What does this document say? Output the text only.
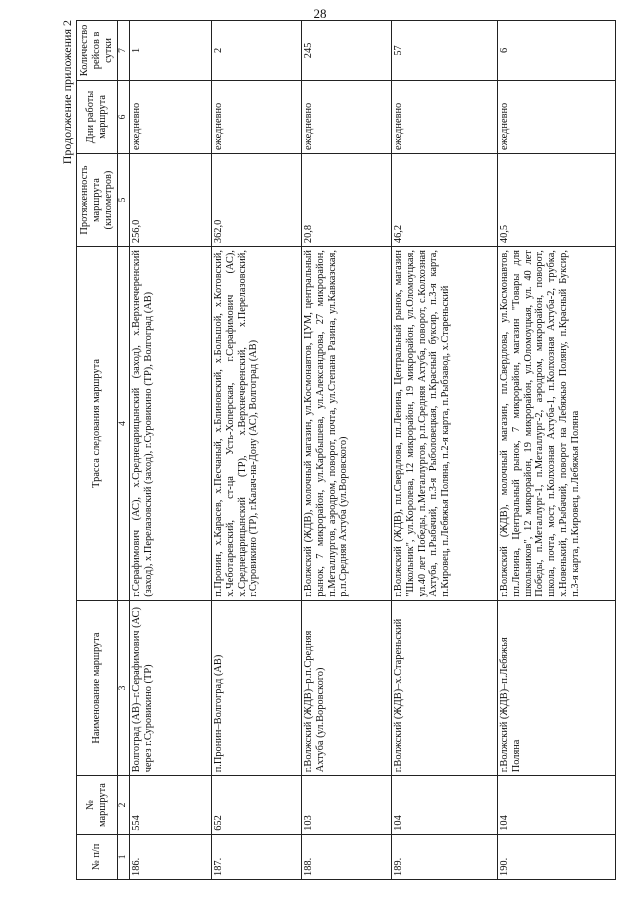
28
Продолжение приложения 2
№ п/п	№ маршрута	Наименование маршрута	Трасса следования маршрута	Протяженность маршрута (километров)	Дни работы маршрута	Количество рейсов в сутки
1	2	3	4	5	6	7
186.	554	Волгоград (АВ)–г.Серафимович (АС) через г.Суровикино (ТР)	г.Серафимович (АС), х.Среднецарицынский (заход), х.Верхнечеренский (заход), х.Перелазовский (заход), г.Суровикино (ТР), Волгоград (АВ)	256,0	ежедневно	1
187.	652	п.Пронин–Волгоград (АВ)	п.Пронин, х.Карасев, х.Песчаный, х.Блиновский, х.Большой, х.Котовский, х.Чеботаревский, ст-ца Усть-Хоперская, г.Серафимович (АС), х.Среднецарицынский (ТР), х.Верхнечеренский, х.Перелазовский, г.Суровикино (ТР), г.Калач-на-Дону (АС), Волгоград (АВ)	362,0	ежедневно	2
188.	103	г.Волжский (ЖДВ)–р.п.Средняя Ахтуба (ул.Воровского)	г.Волжский (ЖДВ), молочный магазин, ул.Космонавтов, ЦУМ, центральный рынок, 7 микрорайон, ул.Карбышева, ул.Александрова, 27 микрорайон, п.Металлургов, аэродром, поворот, почта, ул.Степана Разина, ул.Кавказская, р.п.Средняя Ахтуба (ул.Воровского)	20,8	ежедневно	245
189.	104	г.Волжский (ЖДВ)–х.Стареньский	г.Волжский (ЖДВ), пл.Свердлова, пл.Ленина, Центральный рынок, магазин "Школьник", ул.Королева, 12 микрорайон, 19 микрорайон, ул.Оломоуцкая, ул.40 лет Победы, п.Металлургов, р.п.Средняя Ахтуба, поворот, с.Колхозная Ахтуба, п.Рыбачий, п.3-я Рыболовецкая, п.Красный буксир, п.3-я карта, п.Кировец, п.Лебяжья Поляна, п.2-я карта, п.Рыбзавод, х.Стареньский	46,2	ежедневно	57
190.	104	г.Волжский (ЖДВ)–п.Лебяжья Поляна	г.Волжский (ЖДВ), молочный магазин, пл.Свердлова, ул.Космонавтов, пл.Ленина, Центральный рынок, 7 микрорайон, магазин "Товары для школьников", 12 микрорайон, 19 микрорайон, ул.Оломоуцкая, ул. 40 лет Победы, п.Металлург-1, п.Металлург-2, аэродром, микрорайон, поворот, школа, почта, мост, п.Колхозная Ахтуба-1, п.Колхозная Ахтуба-2, трубка, х.Новенький, п.Рыбачий, поворот на Лебяжью Поляну, п.Красный Буксир, п.3-я карта, п.Кировец, п.Лебяжья Поляна	40,5	ежедневно	6
